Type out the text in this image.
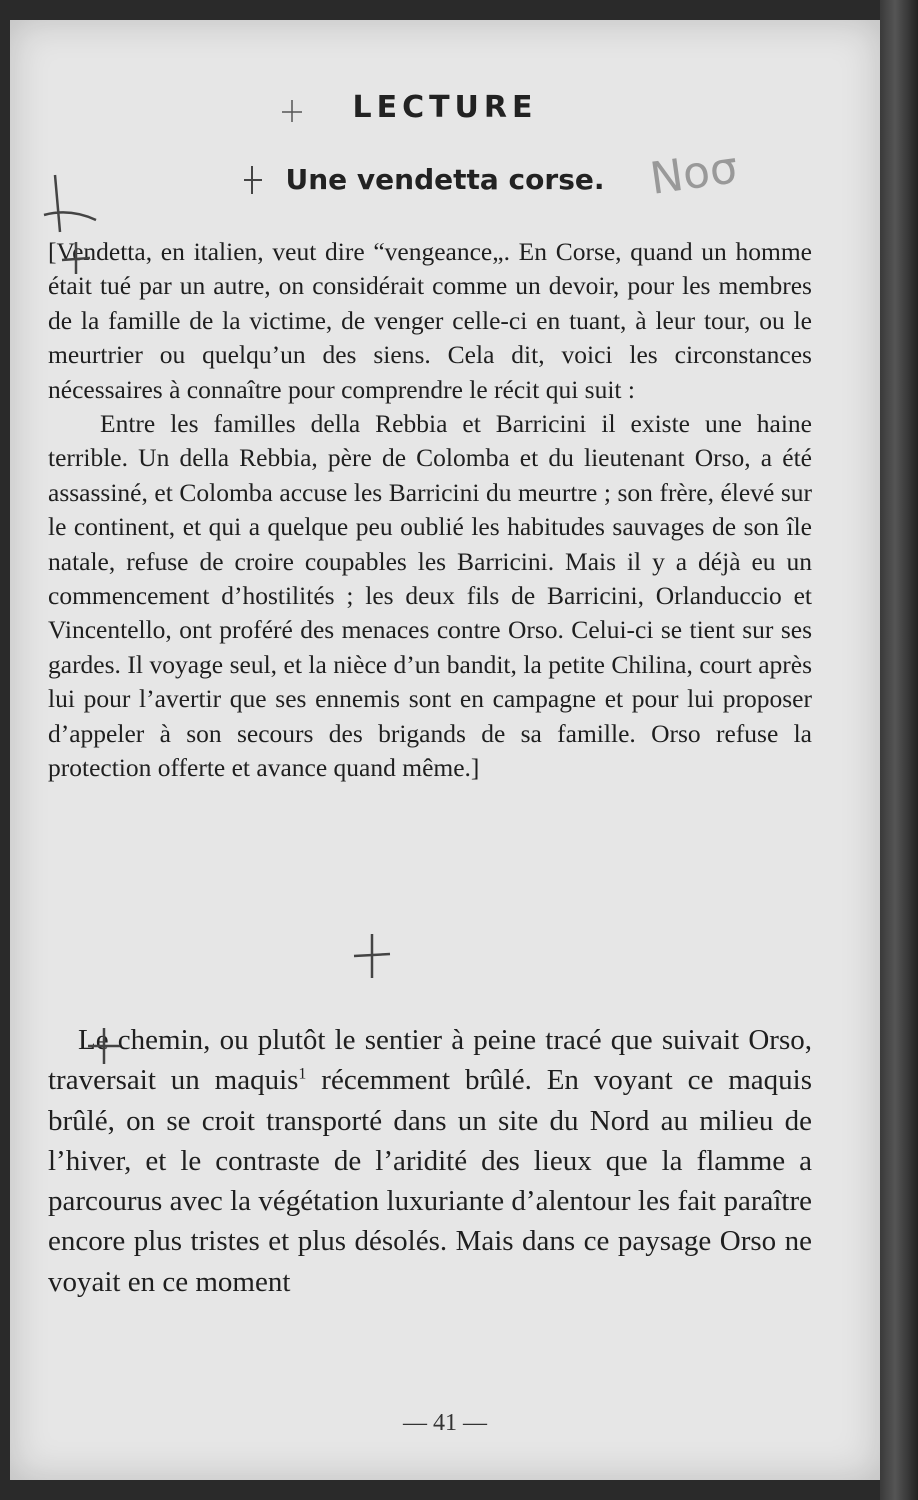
LECTURE
Une vendetta corse.

[Vendetta, en italien, veut dire “vengeance„. En Corse, quand un homme était tué par un autre, on considérait comme un devoir, pour les membres de la famille de la victime, de venger celle-ci en tuant, à leur tour, ou le meurtrier ou quelqu’un des siens. Cela dit, voici les circonstances nécessaires à connaître pour comprendre le récit qui suit :

Entre les familles della Rebbia et Barricini il existe une haine terrible. Un della Rebbia, père de Colomba et du lieutenant Orso, a été assassiné, et Colomba accuse les Barricini du meurtre ; son frère, élevé sur le continent, et qui a quelque peu oublié les habitudes sauvages de son île natale, refuse de croire coupables les Barricini. Mais il y a déjà eu un commencement d’hostilités ; les deux fils de Barricini, Orlanduccio et Vincentello, ont proféré des menaces contre Orso. Celui-ci se tient sur ses gardes. Il voyage seul, et la nièce d’un bandit, la petite Chilina, court après lui pour l’avertir que ses ennemis sont en campagne et pour lui proposer d’appeler à son secours des brigands de sa famille. Orso refuse la protection offerte et avance quand même.]

Le chemin, ou plutôt le sentier à peine tracé que suivait Orso, traversait un maquis$^1$ récemment brûlé. En voyant ce maquis brûlé, on se croit transporté dans un site du Nord au milieu de l’hiver, et le contraste de l’aridité des lieux que la flamme a parcourus avec la végétation luxuriante d’alentour les fait paraître encore plus tristes et plus désolés. Mais dans ce paysage Orso ne voyait en ce moment

— 41 —
Νοσ
